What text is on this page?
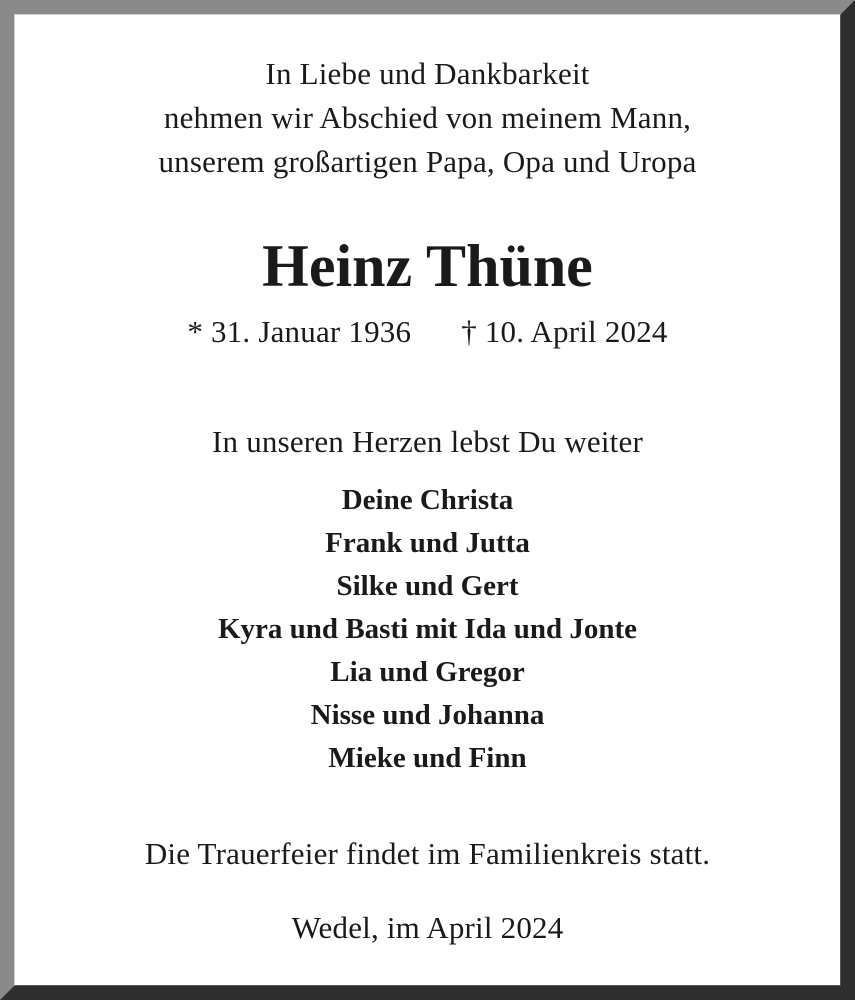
In Liebe und Dankbarkeit
nehmen wir Abschied von meinem Mann,
unserem großartigen Papa, Opa und Uropa
Heinz Thüne
* 31. Januar 1936 † 10. April 2024
In unseren Herzen lebst Du weiter
Deine Christa
Frank und Jutta
Silke und Gert
Kyra und Basti mit Ida und Jonte
Lia und Gregor
Nisse und Johanna
Mieke und Finn
Die Trauerfeier findet im Familienkreis statt.
Wedel, im April 2024
